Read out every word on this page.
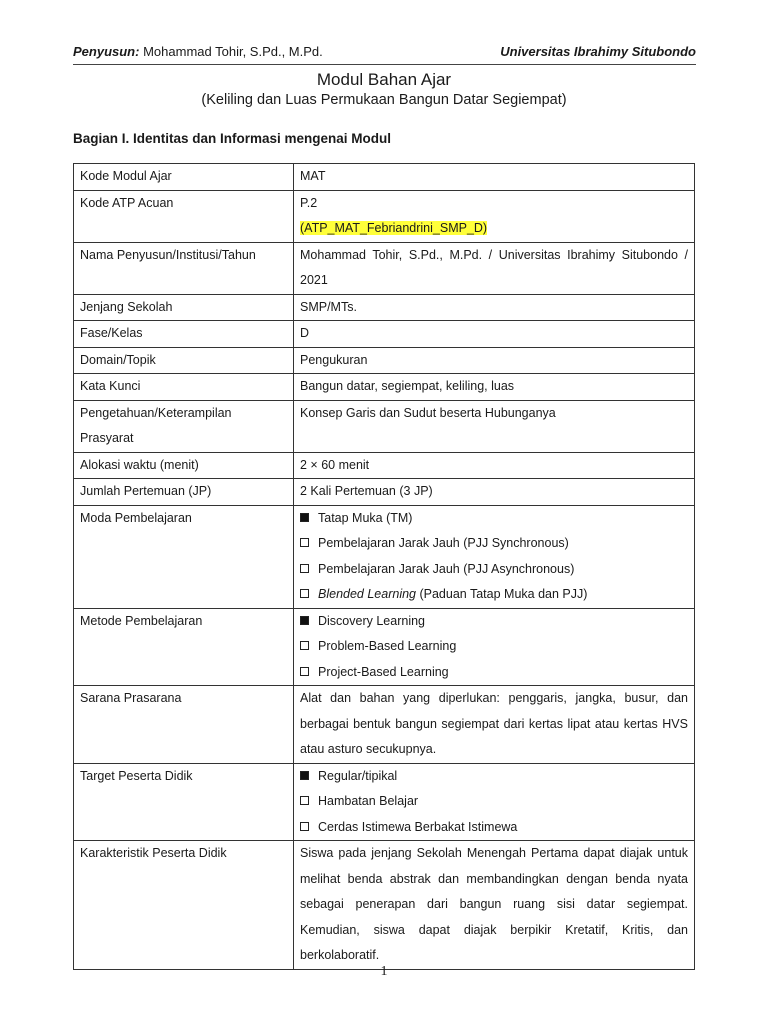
Penyusun: Mohammad Tohir, S.Pd., M.Pd.	Universitas Ibrahimy Situbondo
Modul Bahan Ajar
(Keliling dan Luas Permukaan Bangun Datar Segiempat)
Bagian I. Identitas dan Informasi mengenai Modul
Kode Modul Ajar	MAT
Kode ATP Acuan	P.2
(ATP_MAT_Febriandrini_SMP_D)

Nama Penyusun/Institusi/Tahun	Mohammad Tohir, S.Pd., M.Pd. / Universitas Ibrahimy Situbondo / 2021
Jenjang Sekolah	SMP/MTs.
Fase/Kelas	D
Domain/Topik	Pengukuran
Kata Kunci	Bangun datar, segiempat, keliling, luas
Pengetahuan/Keterampilan Prasyarat	Konsep Garis dan Sudut beserta Hubunganya
Alokasi waktu (menit)	2 × 60 menit
Jumlah Pertemuan (JP)	2 Kali Pertemuan (3 JP)
Moda Pembelajaran	Tatap Muka (TM)
Pembelajaran Jarak Jauh (PJJ Synchronous)
Pembelajaran Jarak Jauh (PJJ Asynchronous)
Blended Learning (Paduan Tatap Muka dan PJJ)

Metode Pembelajaran	Discovery Learning
Problem-Based Learning
Project-Based Learning

Sarana Prasarana	Alat dan bahan yang diperlukan: penggaris, jangka, busur, dan berbagai bentuk bangun segiempat dari kertas lipat atau kertas HVS atau asturo secukupnya.
Target Peserta Didik	Regular/tipikal
Hambatan Belajar
Cerdas Istimewa Berbakat Istimewa

Karakteristik Peserta Didik	Siswa pada jenjang Sekolah Menengah Pertama dapat diajak untuk melihat benda abstrak dan membandingkan dengan benda nyata sebagai penerapan dari bangun ruang sisi datar segiempat. Kemudian, siswa dapat diajak berpikir Kretatif, Kritis, dan berkolaboratif.
1
